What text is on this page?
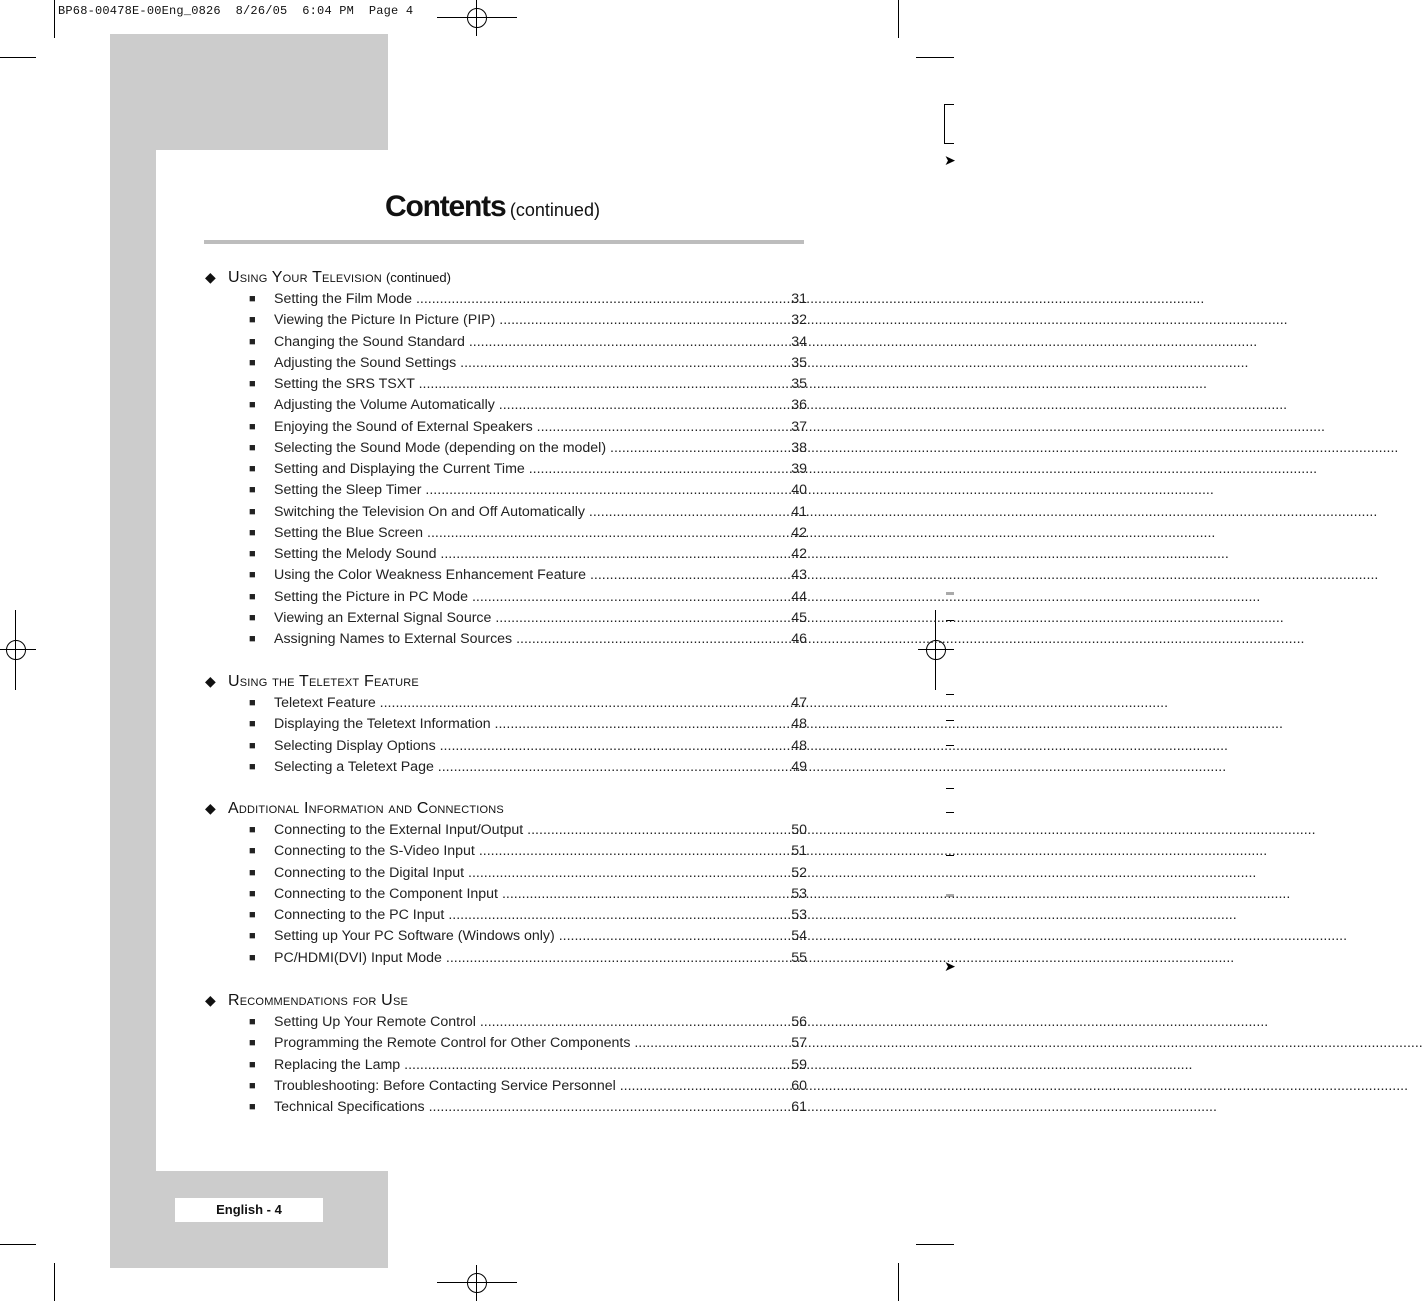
BP68-00478E-00Eng_0826  8/26/05  6:04 PM  Page 4
➤
➤
Contents (continued)
◆ Using Your Television (continued)
■ Setting the Film Mode .....	31
■ Viewing the Picture In Picture (PIP) .....	32
■ Changing the Sound Standard .....	34
■ Adjusting the Sound Settings .....	35
■ Setting the SRS TSXT .....	35
■ Adjusting the Volume Automatically .....	36
■ Enjoying the Sound of External Speakers .....	37
■ Selecting the Sound Mode (depending on the model) .....	38
■ Setting and Displaying the Current Time .....	39
■ Setting the Sleep Timer .....	40
■ Switching the Television On and Off Automatically .....	41
■ Setting the Blue Screen .....	42
■ Setting the Melody Sound .....	42
■ Using the Color Weakness Enhancement Feature .....	43
■ Setting the Picture in PC Mode .....	44
■ Viewing an External Signal Source .....	45
■ Assigning Names to External Sources .....	46
◆ Using the Teletext Feature
■ Teletext Feature .....	47
■ Displaying the Teletext Information .....	48
■ Selecting Display Options .....	48
■ Selecting a Teletext Page .....	49
◆ Additional Information and Connections
■ Connecting to the External Input/Output .....	50
■ Connecting to the S-Video Input .....	51
■ Connecting to the Digital Input .....	52
■ Connecting to the Component Input .....	53
■ Connecting to the PC Input .....	53
■ Setting up Your PC Software (Windows only) .....	54
■ PC/HDMI(DVI) Input Mode .....	55
◆ Recommendations for Use
■ Setting Up Your Remote Control .....	56
■ Programming the Remote Control for Other Components .....	57
■ Replacing the Lamp .....	59
■ Troubleshooting: Before Contacting Service Personnel .....	60
■ Technical Specifications .....	61
English - 4
